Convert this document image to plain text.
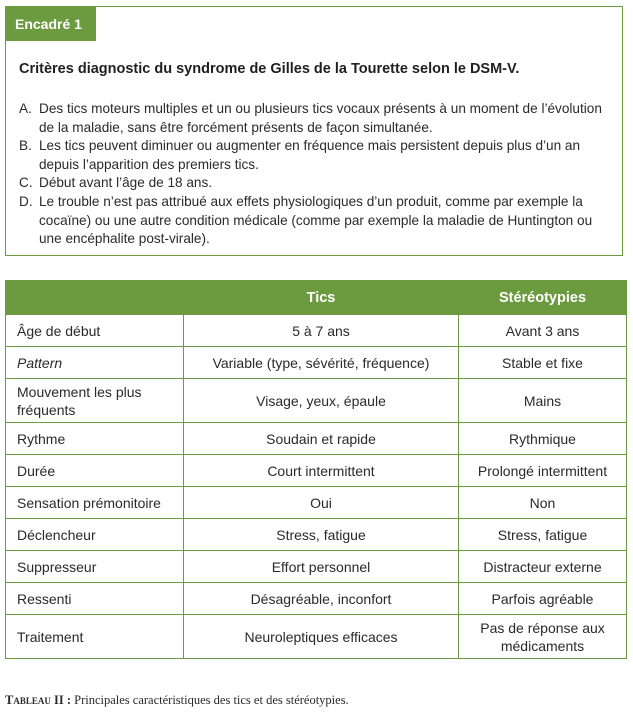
Encadré 1
Critères diagnostic du syndrome de Gilles de la Tourette selon le DSM-V.
A. Des tics moteurs multiples et un ou plusieurs tics vocaux présents à un moment de l’évolution de la maladie, sans être forcément présents de façon simultanée.
B. Les tics peuvent diminuer ou augmenter en fréquence mais persistent depuis plus d’un an depuis l’apparition des premiers tics.
C. Début avant l’âge de 18 ans.
D. Le trouble n’est pas attribué aux effets physiologiques d’un produit, comme par exemple la cocaïne) ou une autre condition médicale (comme par exemple la maladie de Huntington ou une encéphalite post-virale).
	Tics	Stéréotypies
Âge de début	5 à 7 ans	Avant 3 ans
Pattern	Variable (type, sévérité, fréquence)	Stable et fixe

Mouvement les plus fréquents	Visage, yeux, épaule	Mains
Rythme	Soudain et rapide	Rythmique
Durée	Court intermittent	Prolongé intermittent
Sensation prémonitoire	Oui	Non
Déclencheur	Stress, fatigue	Stress, fatigue
Suppresseur	Effort personnel	Distracteur externe
Ressenti	Désagréable, inconfort	Parfois agréable
Traitement	Neuroleptiques efficaces	Pas de réponse aux médicaments
Tableau II : Principales caractéristiques des tics et des stéréotypies.
